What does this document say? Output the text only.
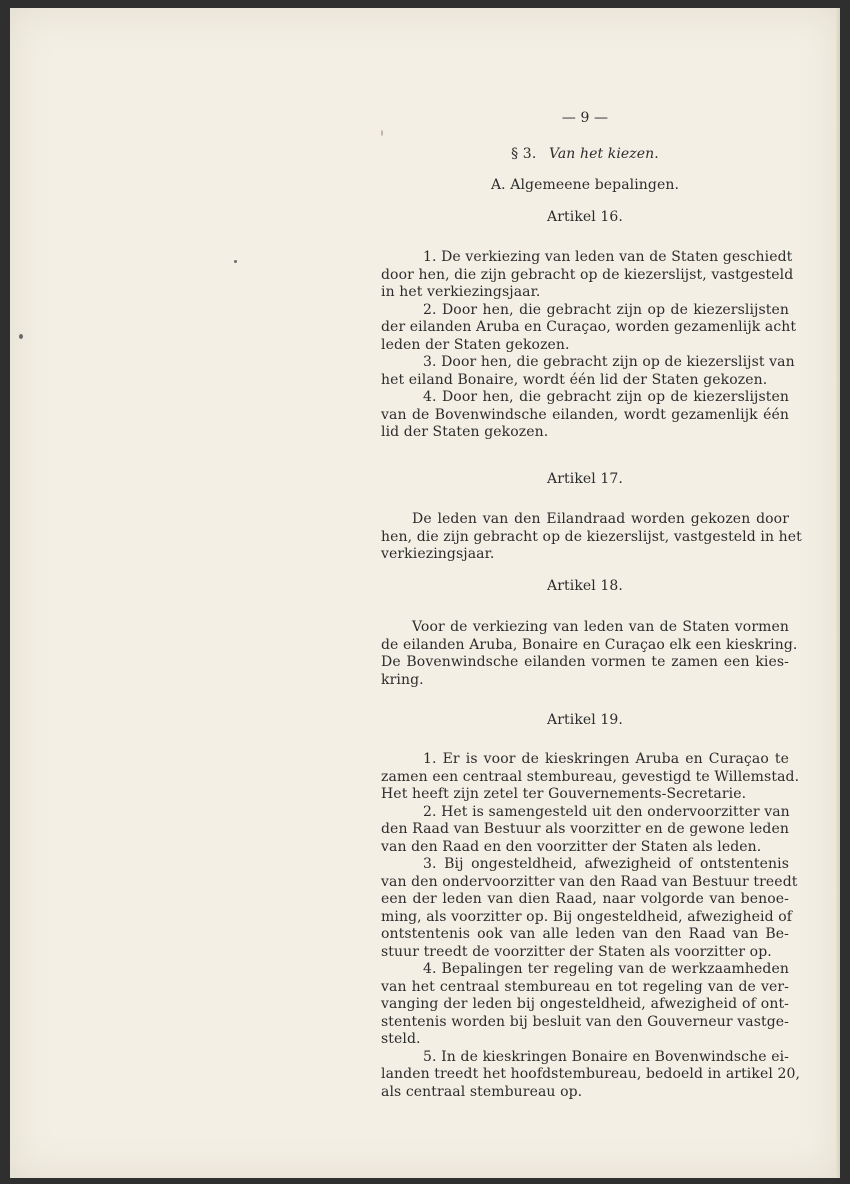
— 9 —
§ 3. Van het kiezen.
A. Algemeene bepalingen.
Artikel 16.
1. De verkiezing van leden van de Staten geschiedt
door hen, die zijn gebracht op de kiezerslijst, vastgesteld
in het verkiezingsjaar.
2. Door hen, die gebracht zijn op de kiezerslijsten
der eilanden Aruba en Curaçao, worden gezamenlijk acht
leden der Staten gekozen.
3. Door hen, die gebracht zijn op de kiezerslijst van
het eiland Bonaire, wordt één lid der Staten gekozen.
4. Door hen, die gebracht zijn op de kiezerslijsten
van de Bovenwindsche eilanden, wordt gezamenlijk één
lid der Staten gekozen.
Artikel 17.
De leden van den Eilandraad worden gekozen door
hen, die zijn gebracht op de kiezerslijst, vastgesteld in het
verkiezingsjaar.
Artikel 18.
Voor de verkiezing van leden van de Staten vormen
de eilanden Aruba, Bonaire en Curaçao elk een kieskring.
De Bovenwindsche eilanden vormen te zamen een kies-
kring.
Artikel 19.
1. Er is voor de kieskringen Aruba en Curaçao te
zamen een centraal stembureau, gevestigd te Willemstad.
Het heeft zijn zetel ter Gouvernements-Secretarie.
2. Het is samengesteld uit den ondervoorzitter van
den Raad van Bestuur als voorzitter en de gewone leden
van den Raad en den voorzitter der Staten als leden.
3. Bij ongesteldheid, afwezigheid of ontstentenis
van den ondervoorzitter van den Raad van Bestuur treedt
een der leden van dien Raad, naar volgorde van benoe-
ming, als voorzitter op. Bij ongesteldheid, afwezigheid of
ontstentenis ook van alle leden van den Raad van Be-
stuur treedt de voorzitter der Staten als voorzitter op.
4. Bepalingen ter regeling van de werkzaamheden
van het centraal stembureau en tot regeling van de ver-
vanging der leden bij ongesteldheid, afwezigheid of ont-
stentenis worden bij besluit van den Gouverneur vastge-
steld.
5. In de kieskringen Bonaire en Bovenwindsche ei-
landen treedt het hoofdstembureau, bedoeld in artikel 20,
als centraal stembureau op.
